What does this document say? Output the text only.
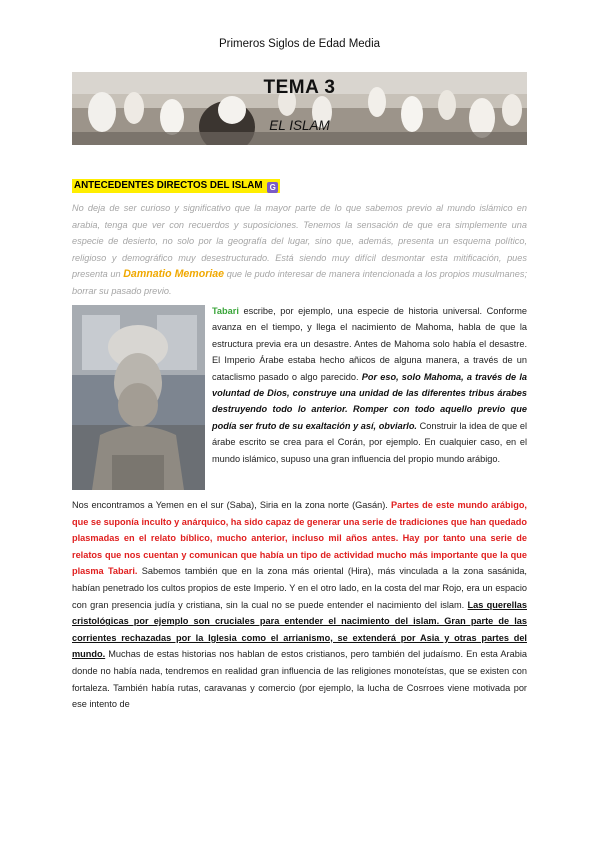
Primeros Siglos de Edad Media
TEMA 3
EL ISLAM
ANTECEDENTES DIRECTOS DEL ISLAM G

No deja de ser curioso y significativo que la mayor parte de lo que sabemos previo al mundo islámico en arabia, tenga que ver con recuerdos y suposiciones. Tenemos la sensación de que era simplemente una especie de desierto, no solo por la geografía del lugar, sino que, además, presenta un esquema político, religioso y demográfico muy desestructurado. Está siendo muy difícil desmontar esta mitificación, pues presenta un Damnatio Memoriae que le pudo interesar de manera intencionada a los propios musulmanes; borrar su pasado previo.

Tabari escribe, por ejemplo, una especie de historia universal. Conforme avanza en el tiempo, y llega el nacimiento de Mahoma, habla de que la estructura previa era un desastre. Antes de Mahoma solo había el desastre. El Imperio Árabe estaba hecho añicos de alguna manera, a través de un cataclismo pasado o algo parecido. Por eso, solo Mahoma, a través de la voluntad de Dios, construye una unidad de las diferentes tribus árabes destruyendo todo lo anterior. Romper con todo aquello previo que podía ser fruto de su exaltación y así, obviarlo. Construir la idea de que el árabe escrito se crea para el Corán, por ejemplo. En cualquier caso, en el mundo islámico, supuso una gran influencia del propio mundo arábigo.

Nos encontramos a Yemen en el sur (Saba), Siria en la zona norte (Gasán). Partes de este mundo arábigo, que se suponía inculto y anárquico, ha sido capaz de generar una serie de tradiciones que han quedado plasmadas en el relato bíblico, mucho anterior, incluso mil años antes. Hay por tanto una serie de relatos que nos cuentan y comunican que había un tipo de actividad mucho más importante que la que plasma Tabari. Sabemos también que en la zona más oriental (Hira), más vinculada a la zona sasánida, habían penetrado los cultos propios de este Imperio. Y en el otro lado, en la costa del mar Rojo, era un espacio con gran presencia judía y cristiana, sin la cual no se puede entender el nacimiento del islam. Las querellas cristológicas por ejemplo son cruciales para entender el nacimiento del islam. Gran parte de las corrientes rechazadas por la Iglesia como el arrianismo, se extenderá por Asia y otras partes del mundo. Muchas de estas historias nos hablan de estos cristianos, pero también del judaísmo. En esta Arabia donde no había nada, tendremos en realidad gran influencia de las religiones monoteístas, que se existen con fortaleza. También había rutas, caravanas y comercio (por ejemplo, la lucha de Cosrroes viene motivada por ese intento de
